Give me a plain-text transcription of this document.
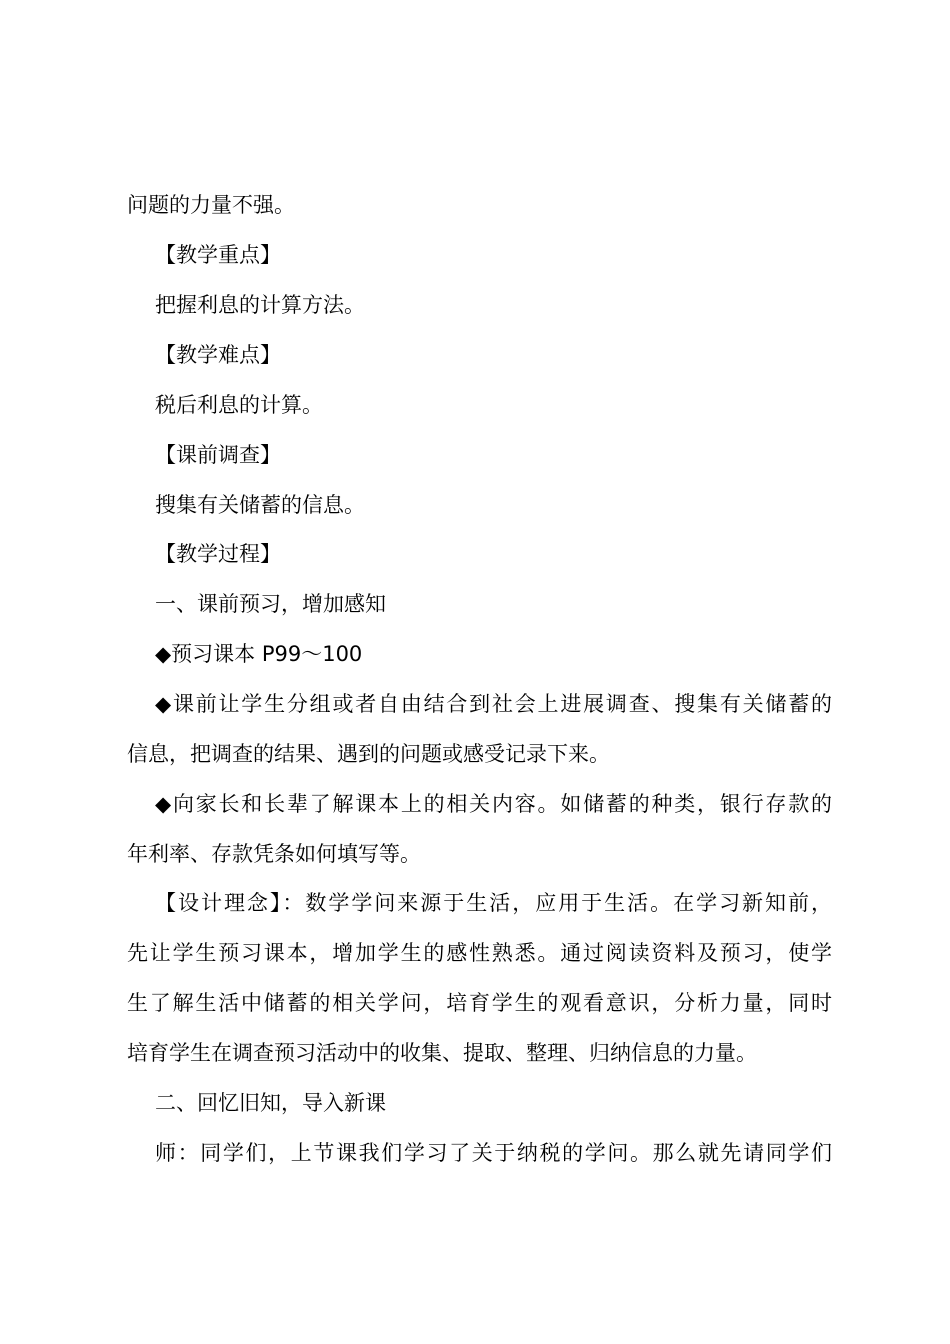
问题的力量不强。
【教学重点】
把握利息的计算方法。
【教学难点】
税后利息的计算。
【课前调查】
搜集有关储蓄的信息。
【教学过程】
一、课前预习，增加感知
◆预习课本 P99～100
◆课前让学生分组或者自由结合到社会上进展调查、搜集有关储蓄的
信息，把调查的结果、遇到的问题或感受记录下来。
◆向家长和长辈了解课本上的相关内容。如储蓄的种类，银行存款的
年利率、存款凭条如何填写等。
【设计理念】：数学学问来源于生活，应用于生活。在学习新知前，
先让学生预习课本，增加学生的感性熟悉。通过阅读资料及预习，使学
生了解生活中储蓄的相关学问，培育学生的观看意识，分析力量，同时
培育学生在调查预习活动中的收集、提取、整理、归纳信息的力量。
二、回忆旧知，导入新课
师：同学们，上节课我们学习了关于纳税的学问。那么就先请同学们
